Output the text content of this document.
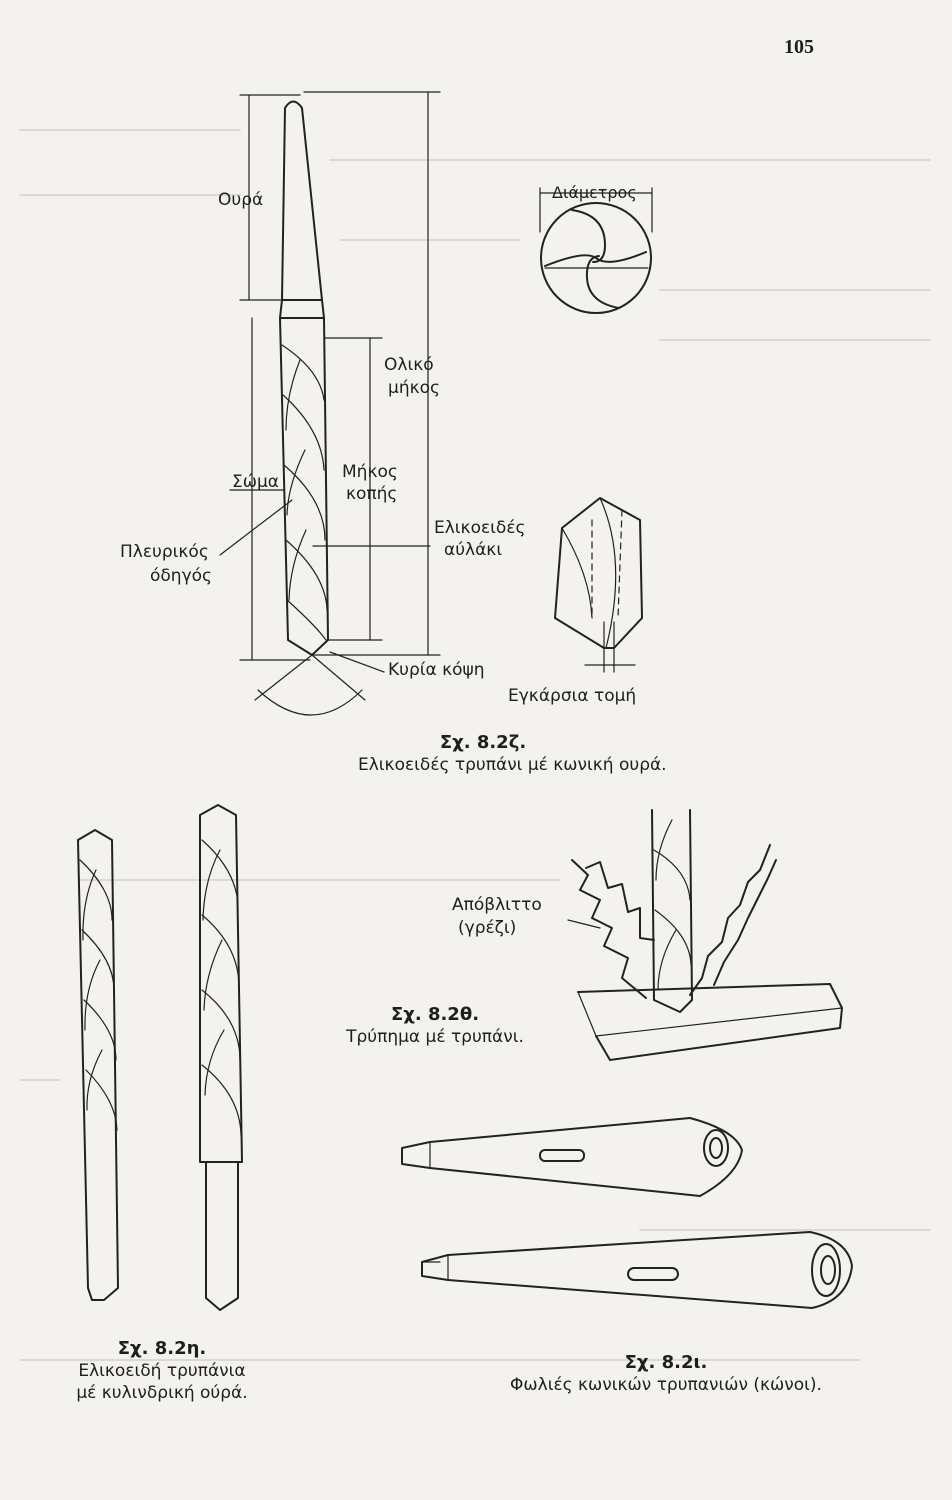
105
Ουρά	Διάμετρος
Ολικό
μήκος
Σώμα	Μήκος
κοπής
Ελικοειδές
αύλάκι
Πλευρικός
όδηγός
Κυρία κόψη
Εγκάρσια τομή
Σχ. 8.2ζ.
Ελικοειδές τρυπάνι μέ κωνική ουρά.
Απόβλιττο
(γρέζι)
Σχ. 8.2θ.
Τρύπημα μέ τρυπάνι.
Σχ. 8.2η.
Ελικοειδή τρυπάνια
μέ κυλινδρική ούρά.
Σχ. 8.2ι.
Φωλιές κωνικών τρυπανιών (κώνοι).
